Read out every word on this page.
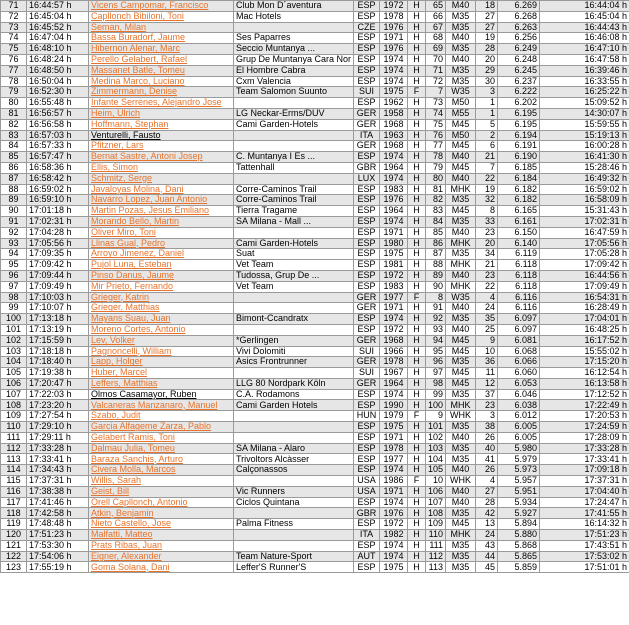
71	16:44:57 h	Vicens Campomar, Francisco	Club Mon D´aventura	ESP	1972	H	65	M40	18	6.269	16:44:04 h
72	16:45:04 h	Capllonch Bibiloni, Toni	Mac Hotels	ESP	1978	H	66	M35	27	6.268	16:45:04 h
73	16:45:52 h	Seman, Milan		CZE	1976	H	67	M35	27	6.263	16:44:43 h
74	16:47:04 h	Bassa Buradorf, Jaume	Ses Paparres	ESP	1971	H	68	M40	19	6.256	16:46:08 h
75	16:48:10 h	Hibernon Alenar, Marc	Seccio Muntanya ...	ESP	1976	H	69	M35	28	6.249	16:47:10 h
76	16:48:24 h	Perello Gelabert, Rafael	Grup De Muntanya Cara Nor	ESP	1974	H	70	M40	20	6.248	16:47:58 h
77	16:48:50 h	Massanet Batle, Tomeu	El Hombre Cabra	ESP	1974	H	71	M35	29	6.245	16:39:46 h
78	16:50:04 h	Medina Marco, Luciano	Cxm Valencia	ESP	1974	H	72	M35	30	6.237	16:33:55 h
79	16:52:30 h	Zimmermann, Denise	Team Salomon Suunto	SUI	1975	F	7	W35	3	6.222	16:25:22 h
80	16:55:48 h	Infante Serrenes, Alejandro Jose		ESP	1962	H	73	M50	1	6.202	15:09:52 h
81	16:56:57 h	Heim, Ulrich	LG Neckar-Erms/DUV	GER	1958	H	74	M55	1	6.195	14:30:07 h
82	16:56:58 h	Hoffmann, Stephan	Cami Garden-Hotels	GER	1968	H	75	M45	5	6.195	15:59:55 h
83	16:57:03 h	Venturelli, Fausto		ITA	1963	H	76	M50	2	6.194	15:19:13 h
84	16:57:33 h	Pfitzner, Lars		GER	1968	H	77	M45	6	6.191	16:00:28 h
85	16:57:47 h	Bernat Sastre, Antoni Josep	C. Muntanya I Es ...	ESP	1974	H	78	M40	21	6.190	16:41:30 h
86	16:58:36 h	Ellis, Simon	Tattenhall	GBR	1964	H	79	M45	7	6.185	15:28:46 h
87	16:58:42 h	Schmitz, Serge		LUX	1974	H	80	M40	22	6.184	16:49:32 h
88	16:59:02 h	Javaloyas Molina, Dani	Corre-Caminos Trail	ESP	1983	H	81	MHK	19	6.182	16:59:02 h
89	16:59:10 h	Navarro Lopez, Juan Antonio	Corre-Caminos Trail	ESP	1976	H	82	M35	32	6.182	16:58:09 h
90	17:01:18 h	Martin Pozas, Jesus Emiliano	Tierra Tragame	ESP	1964	H	83	M45	8	6.165	15:31:43 h
91	17:02:31 h	Morando Bello, Martin	SA Milana - Mall ...	ESP	1974	H	84	M35	33	6.161	17:02:31 h
92	17:04:28 h	Oliver Miro, Toni		ESP	1971	H	85	M40	23	6.150	16:47:59 h
93	17:05:56 h	Llinas Gual, Pedro	Cami Garden-Hotels	ESP	1980	H	86	MHK	20	6.140	17:05:56 h
94	17:09:35 h	Arroyo Jimenez, Daniel	Suat	ESP	1975	H	87	M35	34	6.119	17:05:28 h
95	17:09:42 h	Pujol Luna, Esteban	Vet Team	ESP	1981	H	88	MHK	21	6.118	17:09:42 h
96	17:09:44 h	Pinso Danus, Jaume	Tudossa, Grup De ...	ESP	1972	H	89	M40	23	6.118	16:44:56 h
97	17:09:49 h	Mir Prieto, Fernando	Vet Team	ESP	1983	H	90	MHK	22	6.118	17:09:49 h
98	17:10:03 h	Grieger, Katrin		GER	1977	F	8	W35	4	6.116	16:54:31 h
99	17:10:07 h	Grieger, Matthias		GER	1971	H	91	M40	24	6.116	16:28:49 h
100	17:13:18 h	Mayans Suau, Juan	Bimont-Ccandratx	ESP	1974	H	92	M35	35	6.097	17:04:01 h
101	17:13:19 h	Moreno Cortes, Antonio		ESP	1972	H	93	M40	25	6.097	16:48:25 h
102	17:15:59 h	Lev, Volker	*Gerlingen	GER	1968	H	94	M45	9	6.081	16:17:52 h
103	17:18:18 h	Pagnoncelli, William	Vivi Dolomiti	SUI	1966	H	95	M45	10	6.068	15:55:02 h
104	17:18:40 h	Lapp, Holger	Asics Frontrunner	GER	1978	H	96	M35	36	6.066	17:15:20 h
105	17:19:38 h	Huber, Marcel		SUI	1967	H	97	M45	11	6.060	16:12:54 h
106	17:20:47 h	Leffers, Matthias	LLG 80 Nordpark Köln	GER	1964	H	98	M45	12	6.053	16:13:58 h
107	17:22:03 h	Olmos Casamayor, Ruben	C.A. Rodamons	ESP	1974	H	99	M35	37	6.046	17:12:52 h
108	17:23:20 h	Valcaneras Manzanaro, Manuel	Cami Garden Hotels	ESP	1990	H	100	MHK	23	6.038	17:22:49 h
109	17:27:54 h	Szabo, Judit		HUN	1979	F	9	WHK	3	6.012	17:20:53 h
110	17:29:10 h	Garcia Alfageme Zarza, Pablo		ESP	1975	H	101	M35	38	6.005	17:24:59 h
111	17:29:11 h	Gelabert Ramis, Toni		ESP	1971	H	102	M40	26	6.005	17:28:09 h
112	17:33:28 h	Dalmau Julia, Tomeu	SA Milana - Alaro	ESP	1978	H	103	M35	40	5.980	17:33:28 h
113	17:33:41 h	Baraza Sanchis, Arturo	Trivoltors Alcàsser	ESP	1977	H	104	M35	41	5.979	17:33:41 h
114	17:34:43 h	Civera Molla, Marcos	Calçonassos	ESP	1974	H	105	M40	26	5.973	17:09:18 h
115	17:37:31 h	Willis, Sarah		USA	1986	F	10	WHK	4	5.957	17:37:31 h
116	17:38:38 h	Geist, Bill	Vic Runners	USA	1971	H	106	M40	27	5.951	17:04:40 h
117	17:41:46 h	Orell Capllonch, Antonio	Ciclos Quintana	ESP	1974	H	107	M40	28	5.934	17:24:47 h
118	17:42:58 h	Atkin, Benjamin		GBR	1976	H	108	M35	42	5.927	17:41:55 h
119	17:48:48 h	Nieto Castello, Jose	Palma Fitness	ESP	1972	H	109	M45	13	5.894	16:14:32 h
120	17:51:23 h	Malfatti, Matteo		ITA	1982	H	110	MHK	24	5.880	17:51:23 h
121	17:53:30 h	Prats Ribas, Juan		ESP	1974	H	111	M35	43	5.868	17:43:51 h
122	17:54:06 h	Eigner, Alexander	Team Nature-Sport	AUT	1974	H	112	M35	44	5.865	17:53:02 h
123	17:55:19 h	Goma Solana, Dani	Leffer'S Runner'S	ESP	1975	H	113	M35	45	5.859	17:51:01 h
